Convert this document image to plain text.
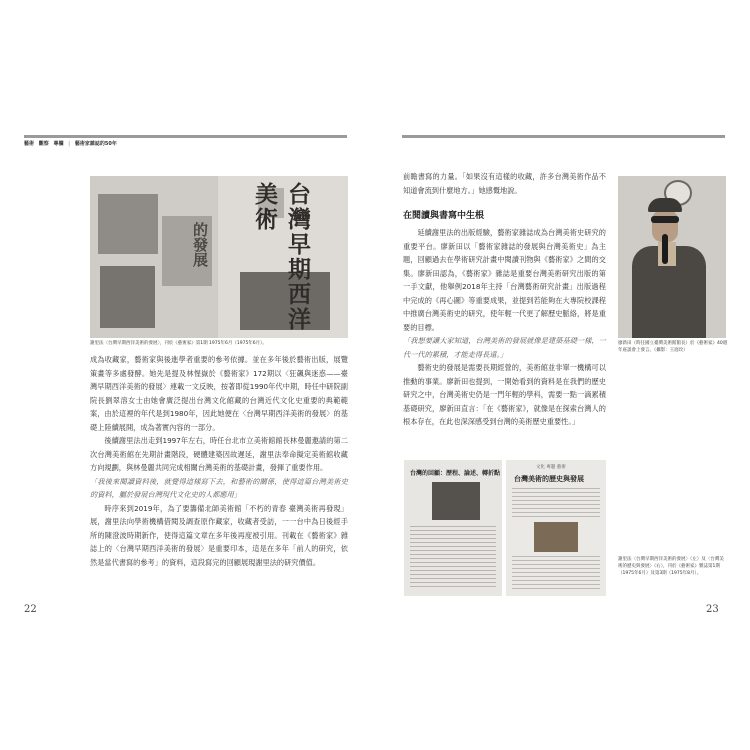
藝術 觀察 專欄 | 藝術家雜誌的50年
台灣早期西洋美術
的發展
謝里法〈台灣早期西洋美術的發展〉，刊於《藝術家》第1期 1975年6月（1975年6月）。

成為收藏家，藝術家與後進學者重要的參考依據。並在多年後於藝術出版，展覽策畫等多處發酵。她先是提及林惺嶽於《藝術家》172期以〈狂飆與迷惑——臺灣早期西洋美術的發展〉連載一文反映，按著即從1990年代中期，時任中研院副院長劉翠溶女士由她會廣泛提出台灣文化館藏的台灣近代文化史重要的典範範案，由於這裡的年代是到1980年，因此她便在〈台灣早期西洋美術的發展〉的基礎上陸續展開，成為著實內容的一部分。

後續謝里法出走到1997年左右，時任台北市立美術館館長林曼麗邀請的第二次台灣美術館在先期計畫階段，硬體建築因故遲延，謝里法奉命擬定美術館收藏方向規劃，與林曼麗共同完成相關台灣美術的基礎計畫，發揮了重要作用。

「我後來閱讀資料後，就覺得這樣寫下去，和藝術的關係，使得這篇台灣美術史的資料，屬於發展台灣現代文化史的人都應用」

時序來到2019年，為了要籌備北師美術館「不朽的青春 臺灣美術再發現」展，謝里法向學術機構借閱及調查原作藏家，收藏者受訪，一一台中為日後經手所的陳澄波時期新作，使得這篇文章在多年後再度被引用。刊載在《藝術家》雜誌上的〈台灣早期西洋美術的發展〉是重要印本，這是在多年「前人的研究，依然是當代書寫的參考」的資料，這段寫完的回顧展現謝里法的研究價值。

22
前瞻書寫的力量。「如果沒有這樣的收藏，許多台灣美術作品不知道會流到什麼地方。」她感慨地說。
在閱讀與書寫中生根

延續謝里法的出版經驗，藝術家雜誌成為台灣美術史研究的重要平台。廖新田以「藝術家雜誌的發展與台灣美術史」為主題，回顧過去在學術研究計畫中閱讀刊物與《藝術家》之間的交集。廖新田認為，《藝術家》雜誌是重要台灣美術研究出版的第一手文獻，他舉例2018年主持「台灣藝術研究計畫」出版過程中完成的《再心圖》等重要成果，並提到若能夠在大專院校課程中推廣台灣美術史的研究，使年輕一代更了解歷史脈絡，將是重要的目標。

「我想要讓大家知道，台灣美術的發展就像是建築基礎一樣，一代一代的累積，才能走得長遠。」

藝術史的發展是需要長期經營的，美術館並非單一機構可以推動的事業。廖新田也提到，一開始看到的資料是在我們的歷史研究之中，台灣美術史仍是一門年輕的學科，需要一點一滴累積基礎研究，廖新田直言：「在《藝術家》，就像是在探索台灣人的根本存在，在此也深深感受到台灣的美術歷史重要性。」

廖新田（時任國立臺灣美術館館長）於《藝術家》40週年座談會上發言。（攝影：王庭玫）
台灣的回顧：歷程、論述、轉折點
文化 專題 藝術
台灣美術的歷史與發展
謝里法〈台灣早期西洋美術的發展〉（左）及〈台灣美術的歷史與發展〉（右），刊於《藝術家》雜誌第1期（1975年6月）及第3期（1975年8月）。
23
